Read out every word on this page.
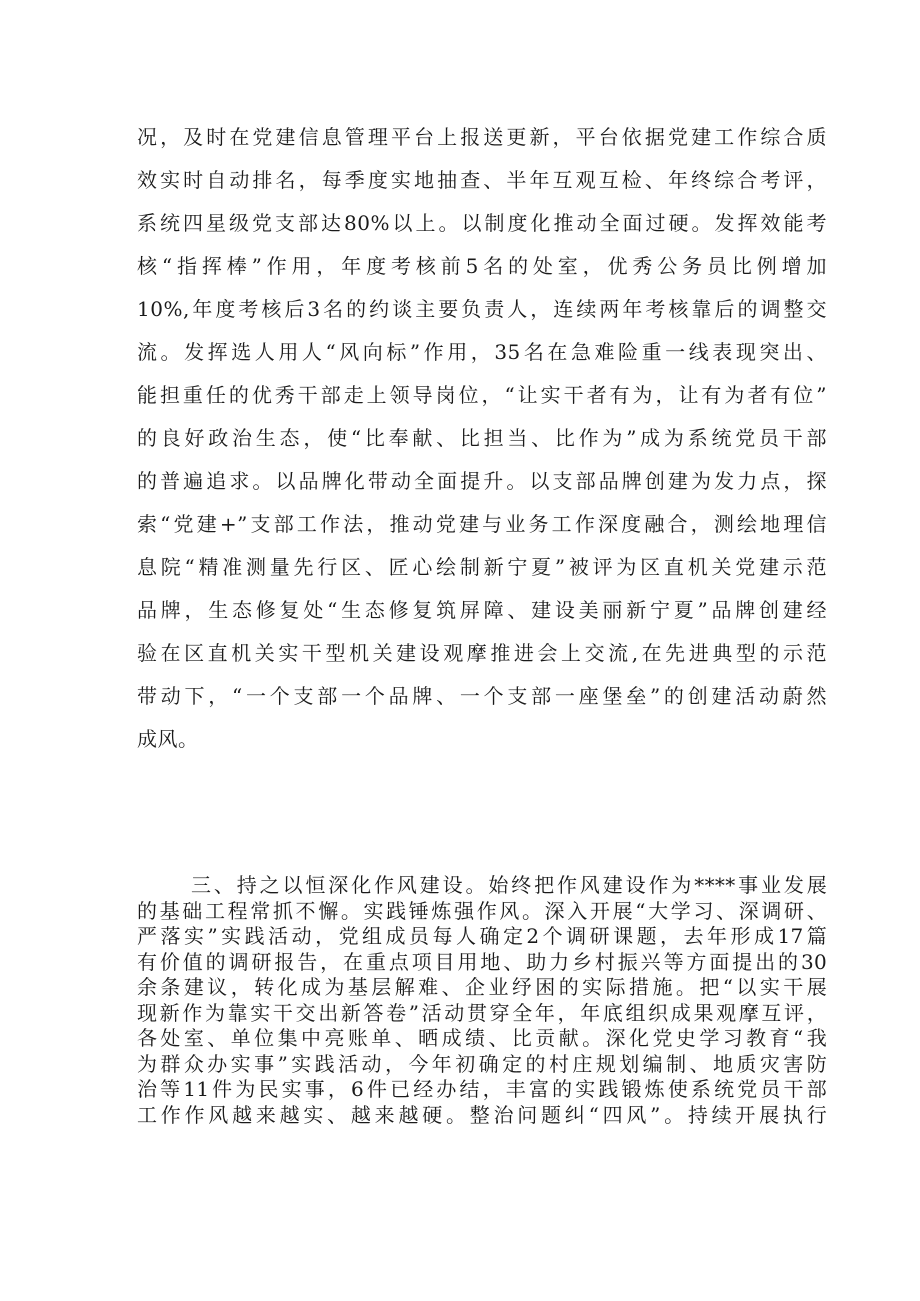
况，及时在党建信息管理平台上报送更新，平台依据党建工作综合质
效实时自动排名，每季度实地抽查、半年互观互检、年终综合考评，
系统四星级党支部达80%以上。以制度化推动全面过硬。发挥效能考
核“指挥棒”作用，年度考核前5名的处室，优秀公务员比例增加
10%,年度考核后3名的约谈主要负责人，连续两年考核靠后的调整交
流。发挥选人用人“风向标”作用，35名在急难险重一线表现突出、
能担重任的优秀干部走上领导岗位，“让实干者有为，让有为者有位”
的良好政治生态，使“比奉献、比担当、比作为”成为系统党员干部
的普遍追求。以品牌化带动全面提升。以支部品牌创建为发力点，探
索“党建+”支部工作法，推动党建与业务工作深度融合，测绘地理信
息院“精准测量先行区、匠心绘制新宁夏”被评为区直机关党建示范
品牌，生态修复处“生态修复筑屏障、建设美丽新宁夏”品牌创建经
验在区直机关实干型机关建设观摩推进会上交流,在先进典型的示范
带动下，“一个支部一个品牌、一个支部一座堡垒”的创建活动蔚然
成风。
三、持之以恒深化作风建设。始终把作风建设作为****事业发展
的基础工程常抓不懈。实践锤炼强作风。深入开展“大学习、深调研、
严落实”实践活动，党组成员每人确定2个调研课题，去年形成17篇
有价值的调研报告，在重点项目用地、助力乡村振兴等方面提出的30
余条建议，转化成为基层解难、企业纾困的实际措施。把“以实干展
现新作为靠实干交出新答卷”活动贯穿全年，年底组织成果观摩互评，
各处室、单位集中亮账单、晒成绩、比贡献。深化党史学习教育“我
为群众办实事”实践活动，今年初确定的村庄规划编制、地质灾害防
治等11件为民实事，6件已经办结，丰富的实践锻炼使系统党员干部
工作作风越来越实、越来越硬。整治问题纠“四风”。持续开展执行
